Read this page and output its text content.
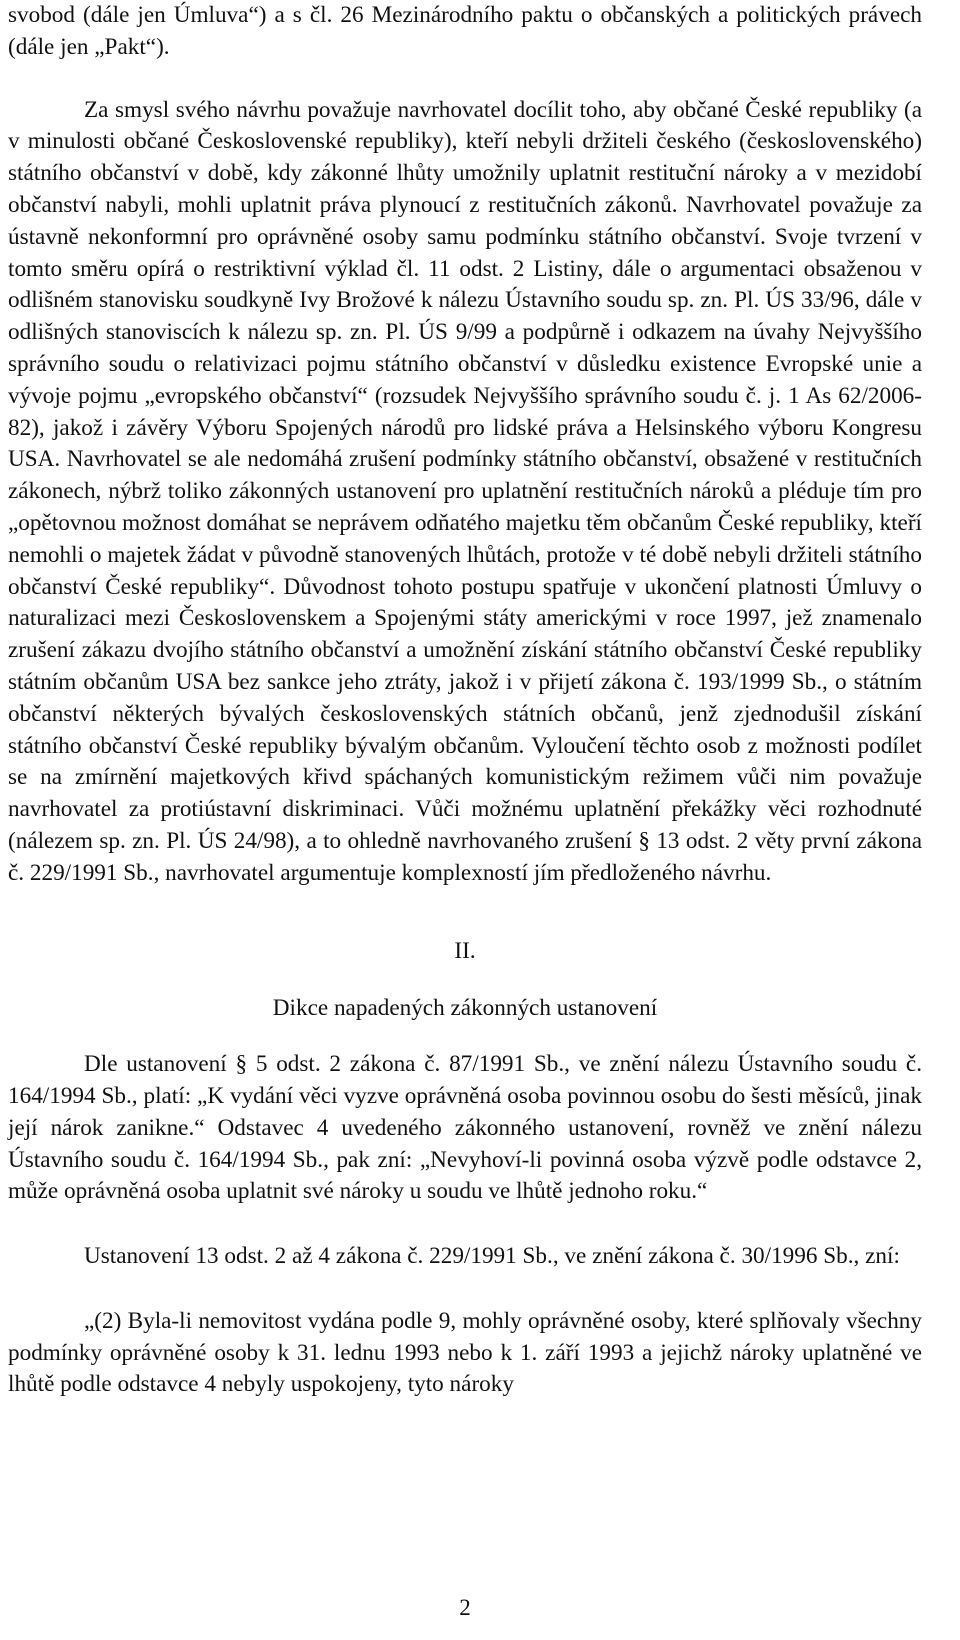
svobod (dále jen Úmluva“) a s čl. 26 Mezinárodního paktu o občanských a politických právech (dále jen „Pakt“).

Za smysl svého návrhu považuje navrhovatel docílit toho, aby občané České republiky (a v minulosti občané Československé republiky), kteří nebyli držiteli českého (československého) státního občanství v době, kdy zákonné lhůty umožnily uplatnit restituční nároky a v mezidobí občanství nabyli, mohli uplatnit práva plynoucí z restitučních zákonů. Navrhovatel považuje za ústavně nekonformní pro oprávněné osoby samu podmínku státního občanství. Svoje tvrzení v tomto směru opírá o restriktivní výklad čl. 11 odst. 2 Listiny, dále o argumentaci obsaženou v odlišném stanovisku soudkyně Ivy Brožové k nálezu Ústavního soudu sp. zn. Pl. ÚS 33/96, dále v odlišných stanoviscích k nálezu sp. zn. Pl. ÚS 9/99 a podpůrně i odkazem na úvahy Nejvyššího správního soudu o relativizaci pojmu státního občanství v důsledku existence Evropské unie a vývoje pojmu „evropského občanství“ (rozsudek Nejvyššího správního soudu č. j. 1 As 62/2006-82), jakož i závěry Výboru Spojených národů pro lidské práva a Helsinského výboru Kongresu USA. Navrhovatel se ale nedomáhá zrušení podmínky státního občanství, obsažené v restitučních zákonech, nýbrž toliko zákonných ustanovení pro uplatnění restitučních nároků a pléduje tím pro „opětovnou možnost domáhat se neprávem odňatého majetku těm občanům České republiky, kteří nemohli o majetek žádat v původně stanovených lhůtách, protože v té době nebyli držiteli státního občanství České republiky“. Důvodnost tohoto postupu spatřuje v ukončení platnosti Úmluvy o naturalizaci mezi Československem a Spojenými státy americkými v roce 1997, jež znamenalo zrušení zákazu dvojího státního občanství a umožnění získání státního občanství České republiky státním občanům USA bez sankce jeho ztráty, jakož i v přijetí zákona č. 193/1999 Sb., o státním občanství některých bývalých československých státních občanů, jenž zjednodušil získání státního občanství České republiky bývalým občanům. Vyloučení těchto osob z možnosti podílet se na zmírnění majetkových křivd spáchaných komunistickým režimem vůči nim považuje navrhovatel za protiústavní diskriminaci. Vůči možnému uplatnění překážky věci rozhodnuté (nálezem sp. zn. Pl. ÚS 24/98), a to ohledně navrhovaného zrušení § 13 odst. 2 věty první zákona č. 229/1991 Sb., navrhovatel argumentuje komplexností jím předloženého návrhu.

II.

Dikce napadených zákonných ustanovení

Dle ustanovení § 5 odst. 2 zákona č. 87/1991 Sb., ve znění nálezu Ústavního soudu č. 164/1994 Sb., platí: „K vydání věci vyzve oprávněná osoba povinnou osobu do šesti měsíců, jinak její nárok zanikne.“ Odstavec 4 uvedeného zákonného ustanovení, rovněž ve znění nálezu Ústavního soudu č. 164/1994 Sb., pak zní: „Nevyhoví-li povinná osoba výzvě podle odstavce 2, může oprávněná osoba uplatnit své nároky u soudu ve lhůtě jednoho roku.“

Ustanovení 13 odst. 2 až 4 zákona č. 229/1991 Sb., ve znění zákona č. 30/1996 Sb., zní:

„(2) Byla-li nemovitost vydána podle 9, mohly oprávněné osoby, které splňovaly všechny podmínky oprávněné osoby k 31. lednu 1993 nebo k 1. září 1993 a jejichž nároky uplatněné ve lhůtě podle odstavce 4 nebyly uspokojeny, tyto nároky

2
